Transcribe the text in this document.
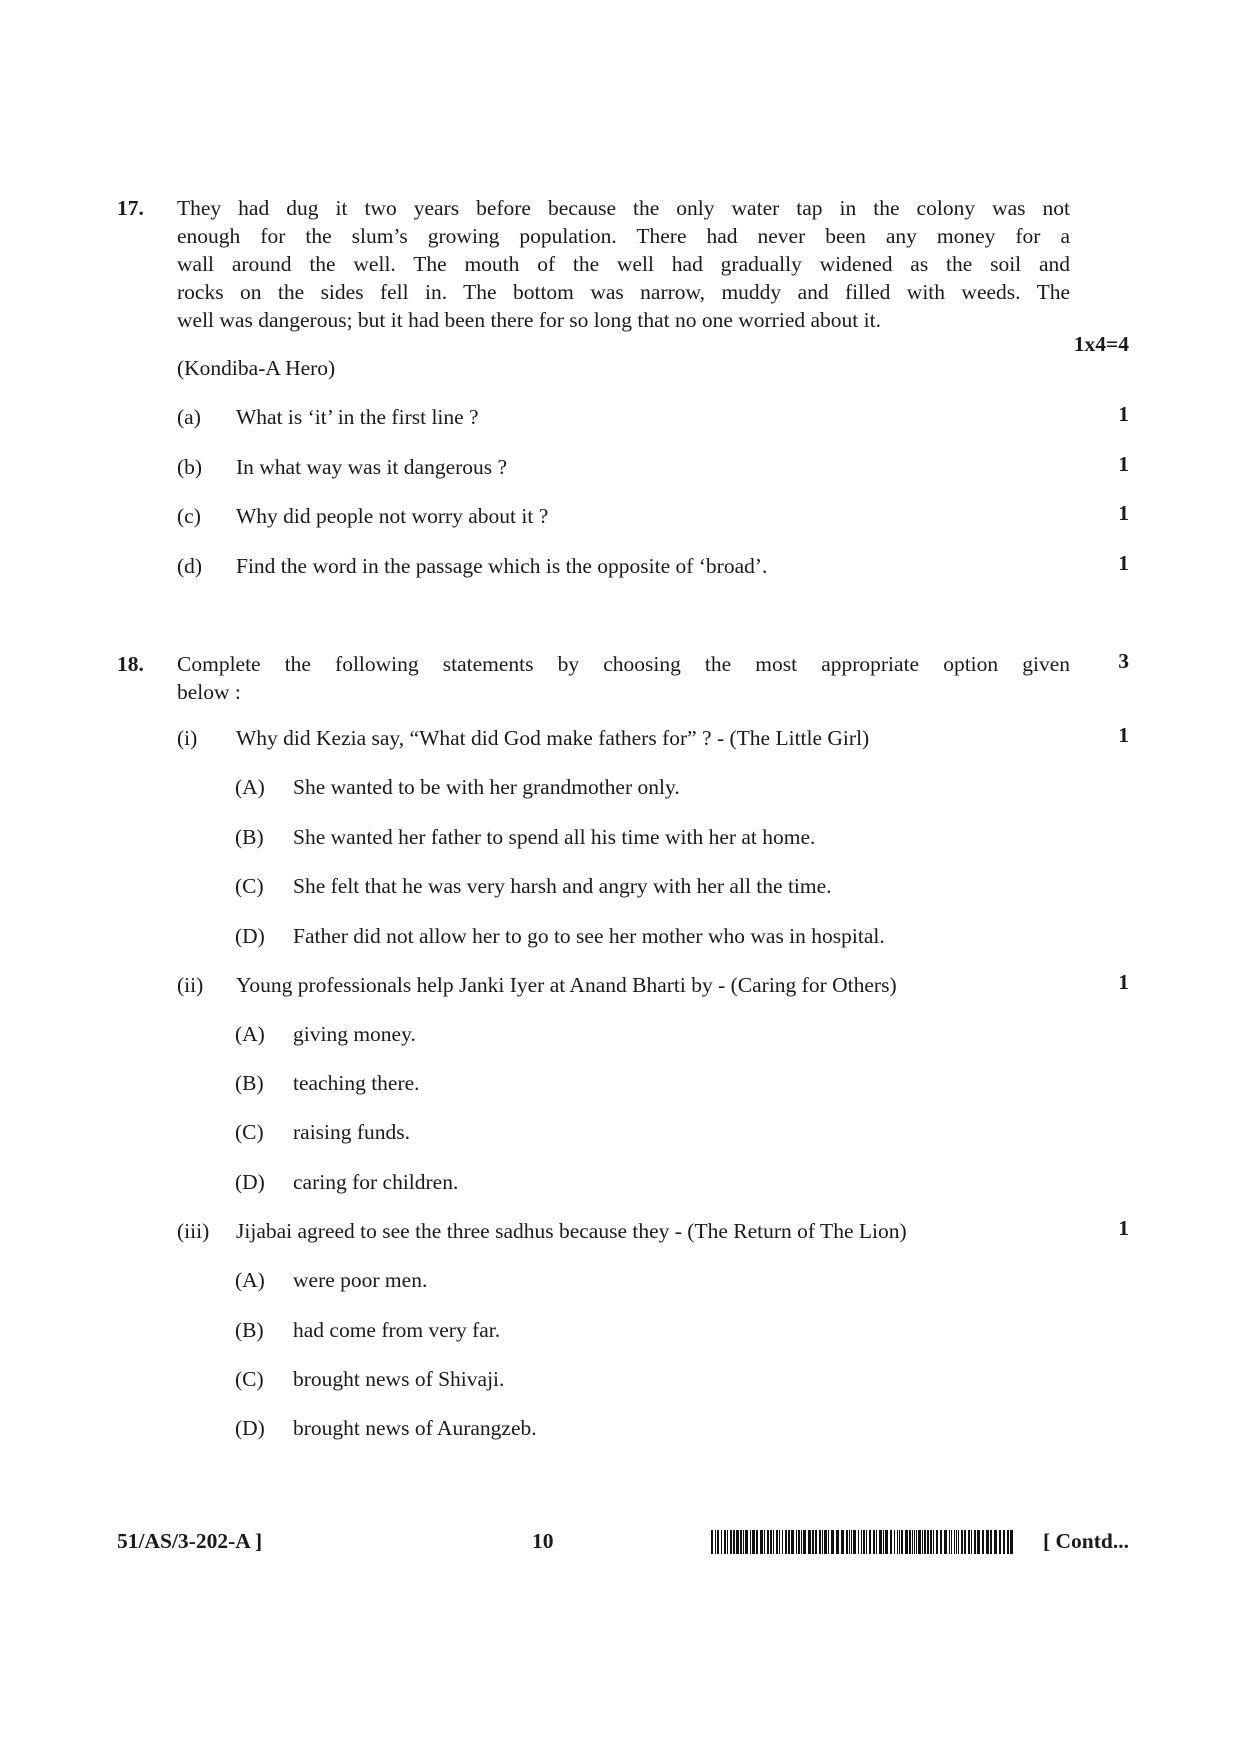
17. They had dug it two years before because the only water tap in the colony was not
enough for the slum’s growing population. There had never been any money for a
wall around the well. The mouth of the well had gradually widened as the soil and
rocks on the sides fell in. The bottom was narrow, muddy and filled with weeds. The
well was dangerous; but it had been there for so long that no one worried about it.
1x4=4
(Kondiba-A Hero)
(a) What is ‘it’ in the first line ?	1
(b) In what way was it dangerous ?	1
(c) Why did people not worry about it ?	1
(d) Find the word in the passage which is the opposite of ‘broad’.	1
18. Complete the following statements by choosing the most appropriate option given
below :
3
(i) Why did Kezia say, “What did God make fathers for” ? - (The Little Girl)	1
(A) She wanted to be with her grandmother only.
(B) She wanted her father to spend all his time with her at home.
(C) She felt that he was very harsh and angry with her all the time.
(D) Father did not allow her to go to see her mother who was in hospital.
(ii) Young professionals help Janki Iyer at Anand Bharti by - (Caring for Others)	1
(A) giving money.
(B) teaching there.
(C) raising funds.
(D) caring for children.
(iii) Jijabai agreed to see the three sadhus because they - (The Return of The Lion)	1
(A) were poor men.
(B) had come from very far.
(C) brought news of Shivaji.
(D) brought news of Aurangzeb.
51/AS/3-202-A ]	10	[ Contd...
